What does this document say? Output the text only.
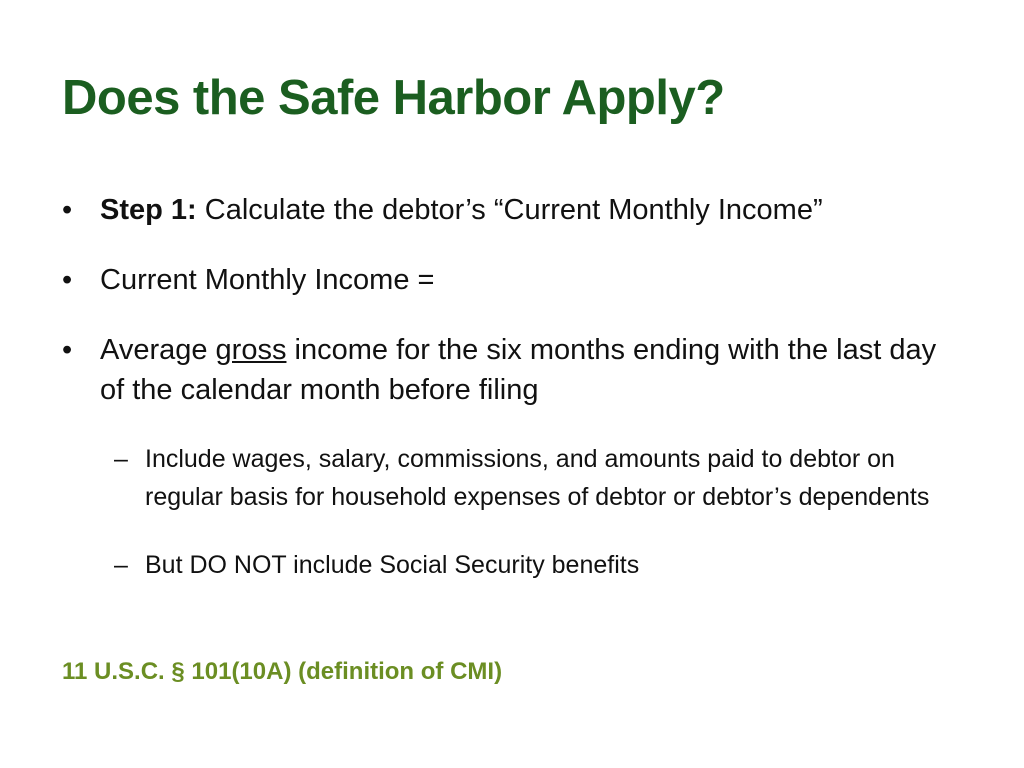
Does the Safe Harbor Apply?
• Step 1: Calculate the debtor’s “Current Monthly Income”
• Current Monthly Income =
• Average gross income for the six months ending with the last day of the calendar month before filing
– Include wages, salary, commissions, and amounts paid to debtor on regular basis for household expenses of debtor or debtor’s dependents
– But DO NOT include Social Security benefits
11 U.S.C. § 101(10A) (definition of CMI)
